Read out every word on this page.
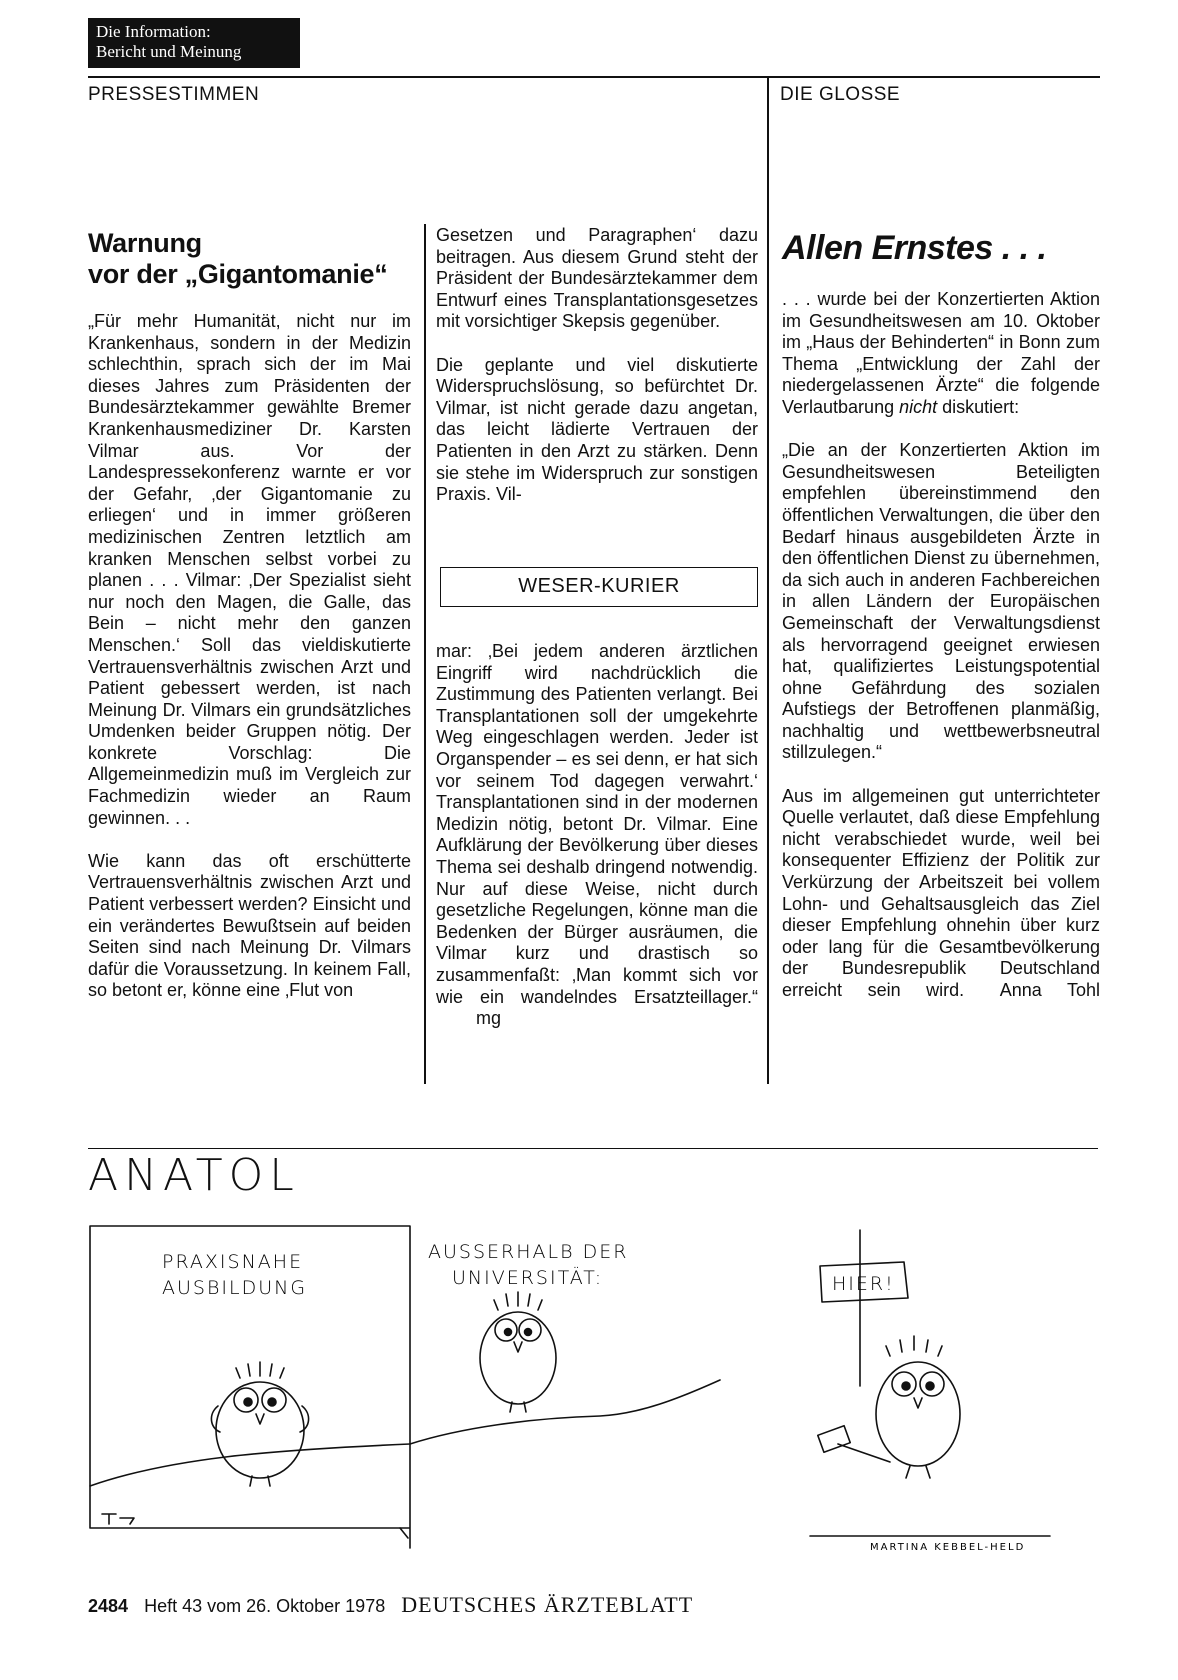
Die Information:
Bericht und Meinung
PRESSESTIMMEN	DIE GLOSSE
Warnung
vor der „Gigantomanie“

„Für mehr Humanität, nicht nur im Krankenhaus, sondern in der Medizin schlechthin, sprach sich der im Mai dieses Jahres zum Präsidenten der Bundesärztekammer gewählte Bremer Krankenhausmediziner Dr. Karsten Vilmar aus. Vor der Landespressekonferenz warnte er vor der Gefahr, ‚der Gigantomanie zu erliegen‘ und in immer größeren medizinischen Zentren letztlich am kranken Menschen selbst vorbei zu planen . . . Vilmar: ‚Der Spezialist sieht nur noch den Magen, die Galle, das Bein – nicht mehr den ganzen Menschen.‘ Soll das vieldiskutierte Vertrauensverhältnis zwischen Arzt und Patient gebessert werden, ist nach Meinung Dr. Vilmars ein grundsätzliches Umdenken beider Gruppen nötig. Der konkrete Vorschlag: Die Allgemeinmedizin muß im Vergleich zur Fachmedizin wieder an Raum gewinnen. . .

Wie kann das oft erschütterte Vertrauensverhältnis zwischen Arzt und Patient verbessert werden? Einsicht und ein verändertes Bewußtsein auf beiden Seiten sind nach Meinung Dr. Vilmars dafür die Voraussetzung. In keinem Fall, so betont er, könne eine ‚Flut von

Gesetzen und Paragraphen‘ dazu beitragen. Aus diesem Grund steht der Präsident der Bundesärztekammer dem Entwurf eines Transplantationsgesetzes mit vorsichtiger Skepsis gegenüber.

Die geplante und viel diskutierte Widerspruchslösung, so befürchtet Dr. Vilmar, ist nicht gerade dazu angetan, das leicht lädierte Vertrauen der Patienten in den Arzt zu stärken. Denn sie stehe im Widerspruch zur sonstigen Praxis. Vil-

WESER-KURIER

mar: ‚Bei jedem anderen ärztlichen Eingriff wird nachdrücklich die Zustimmung des Patienten verlangt. Bei Transplantationen soll der umgekehrte Weg eingeschlagen werden. Jeder ist Organspender – es sei denn, er hat sich vor seinem Tod dagegen verwahrt.‘ Transplantationen sind in der modernen Medizin nötig, betont Dr. Vilmar. Eine Aufklärung der Bevölkerung über dieses Thema sei deshalb dringend notwendig. Nur auf diese Weise, nicht durch gesetzliche Regelungen, könne man die Bedenken der Bürger ausräumen, die Vilmar kurz und drastisch so zusammenfaßt: ‚Man kommt sich vor wie ein wandelndes Ersatzteillager.“ mg

Allen Ernstes . . .

. . . wurde bei der Konzertierten Aktion im Gesundheitswesen am 10. Oktober im „Haus der Behinderten“ in Bonn zum Thema „Entwicklung der Zahl der niedergelassenen Ärzte“ die folgende Verlautbarung nicht diskutiert:

„Die an der Konzertierten Aktion im Gesundheitswesen Beteiligten empfehlen übereinstimmend den öffentlichen Verwaltungen, die über den Bedarf hinaus ausgebildeten Ärzte in den öffentlichen Dienst zu übernehmen, da sich auch in anderen Fachbereichen in allen Ländern der Europäischen Gemeinschaft der Verwaltungsdienst als hervorragend geeignet erwiesen hat, qualifiziertes Leistungspotential ohne Gefährdung des sozialen Aufstiegs der Betroffenen planmäßig, nachhaltig und wettbewerbsneutral stillzulegen.“

Aus im allgemeinen gut unterrichteter Quelle verlautet, daß diese Empfehlung nicht verabschiedet wurde, weil bei konsequenter Effizienz der Politik zur Verkürzung der Arbeitszeit bei vollem Lohn- und Gehaltsausgleich das Ziel dieser Empfehlung ohnehin über kurz oder lang für die Gesamtbevölkerung der Bundesrepublik Deutschland erreicht sein wird. Anna Tohl

ANATOL
PRAXISNAHE
AUSBILDUNG
AUSSERHALB DER
UNIVERSITÄT:	HIER!
MARTINA KEBBEL-HELD
2484 Heft 43 vom 26. Oktober 1978 DEUTSCHES ÄRZTEBLATT
